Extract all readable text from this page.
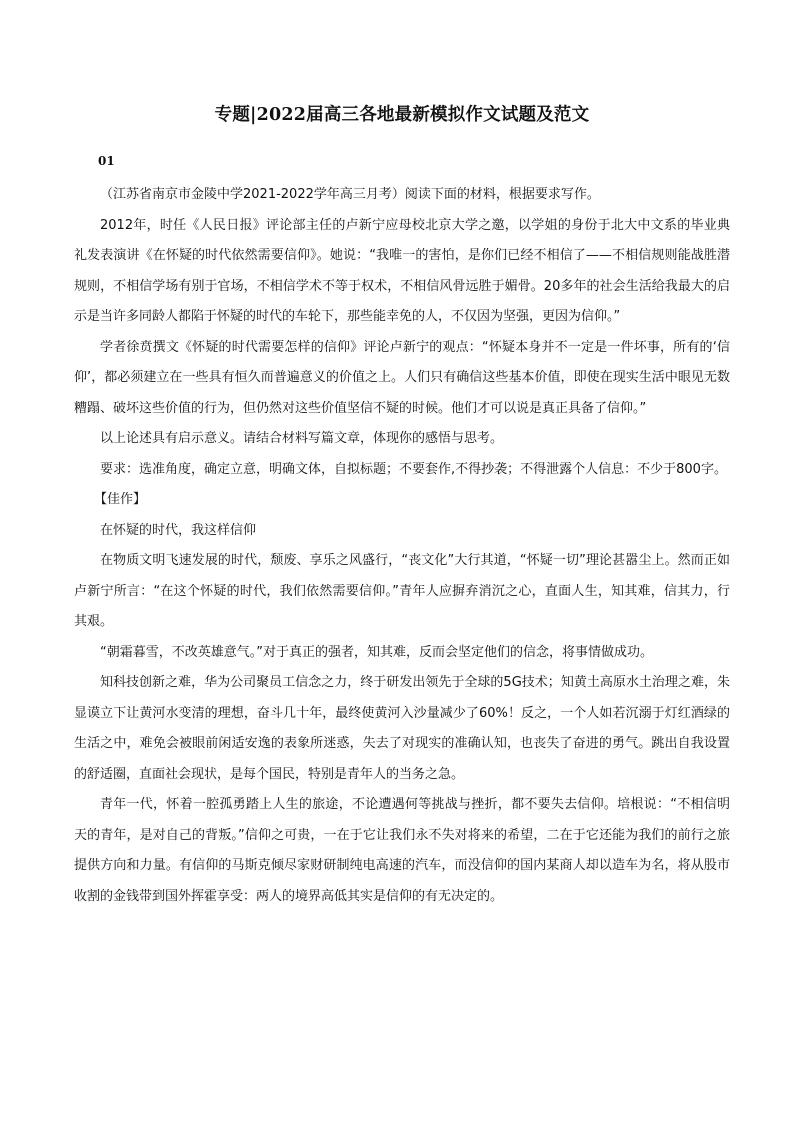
专题|2022届高三各地最新模拟作文试题及范文
01

（江苏省南京市金陵中学2021-2022学年高三月考）阅读下面的材料，根据要求写作。

2012年，时任《人民日报》评论部主任的卢新宁应母校北京大学之邀，以学姐的身份于北大中文系的毕业典礼发表演讲《在怀疑的时代依然需要信仰》。她说：“我唯一的害怕，是你们已经不相信了——不相信规则能战胜潜规则，不相信学场有别于官场，不相信学术不等于权术，不相信风骨远胜于媚骨。20多年的社会生活给我最大的启示是当许多同龄人都陷于怀疑的时代的车轮下，那些能幸免的人，不仅因为坚强，更因为信仰。”

学者徐贲撰文《怀疑的时代需要怎样的信仰》评论卢新宁的观点：“怀疑本身并不一定是一件坏事，所有的‘信仰’，都必须建立在一些具有恒久而普遍意义的价值之上。人们只有确信这些基本价值，即使在现实生活中眼见无数糟蹋、破坏这些价值的行为，但仍然对这些价值坚信不疑的时候。他们才可以说是真正具备了信仰。”

以上论述具有启示意义。请结合材料写篇文章，体现你的感悟与思考。

要求：选准角度，确定立意，明确文体，自拟标题；不要套作,不得抄袭；不得泄露个人信息：不少于800字。

【佳作】

在怀疑的时代，我这样信仰

在物质文明飞速发展的时代，颓废、享乐之风盛行，“丧文化”大行其道，“怀疑一切”理论甚嚣尘上。然而正如卢新宁所言：“在这个怀疑的时代，我们依然需要信仰。”青年人应摒弃消沉之心，直面人生，知其难，信其力，行其艰。

“朝霜暮雪，不改英雄意气。”对于真正的强者，知其难，反而会坚定他们的信念，将事情做成功。

知科技创新之难，华为公司聚员工信念之力，终于研发出领先于全球的5G技术；知黄土高原水土治理之难，朱显谟立下让黄河水变清的理想，奋斗几十年，最终使黄河入沙量减少了60%！反之，一个人如若沉溺于灯红酒绿的生活之中，难免会被眼前闲适安逸的表象所迷惑，失去了对现实的准确认知，也丧失了奋进的勇气。跳出自我设置的舒适圈，直面社会现状，是每个国民，特别是青年人的当务之急。

青年一代，怀着一腔孤勇踏上人生的旅途，不论遭遇何等挑战与挫折，都不要失去信仰。培根说：“不相信明天的青年，是对自己的背叛。”信仰之可贵，一在于它让我们永不失对将来的希望，二在于它还能为我们的前行之旅提供方向和力量。有信仰的马斯克倾尽家财研制纯电高速的汽车，而没信仰的国内某商人却以造车为名，将从股市收割的金钱带到国外挥霍享受：两人的境界高低其实是信仰的有无决定的。
